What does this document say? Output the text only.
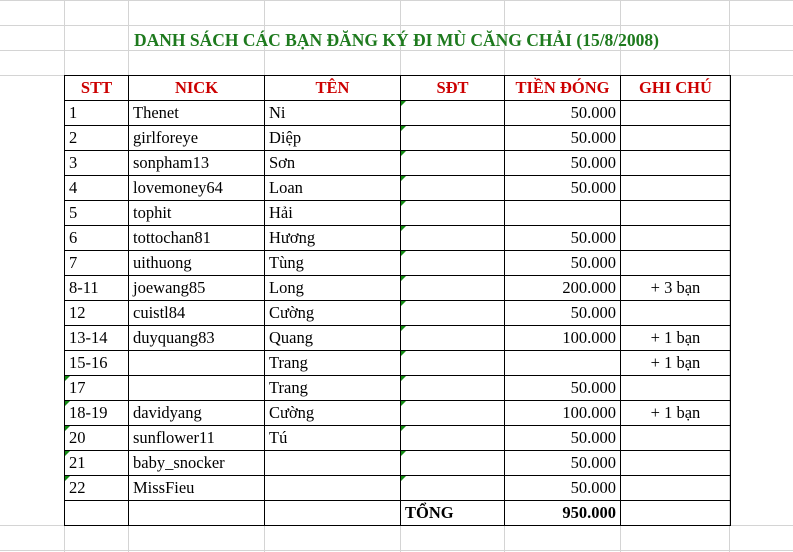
DANH SÁCH CÁC BẠN ĐĂNG KÝ ĐI MÙ CĂNG CHẢI (15/8/2008)
STT	NICK	TÊN	SĐT	TIỀN ĐÓNG	GHI CHÚ
1	Thenet	Ni		50.000	
2	girlforeye	Diệp		50.000	
3	sonpham13	Sơn		50.000	
4	lovemoney64	Loan		50.000	
5	tophit	Hải			
6	tottochan81	Hương		50.000	
7	uithuong	Tùng		50.000	
8-11	joewang85	Long		200.000	+ 3 bạn
12	cuistl84	Cường		50.000	
13-14	duyquang83	Quang		100.000	+ 1 bạn
15-16		Trang			+ 1 bạn
17		Trang		50.000	
18-19	davidyang	Cường		100.000	+ 1 bạn
20	sunflower11	Tú		50.000	
21	baby_snocker			50.000	
22	MissFieu			50.000	
			TỔNG	950.000	
